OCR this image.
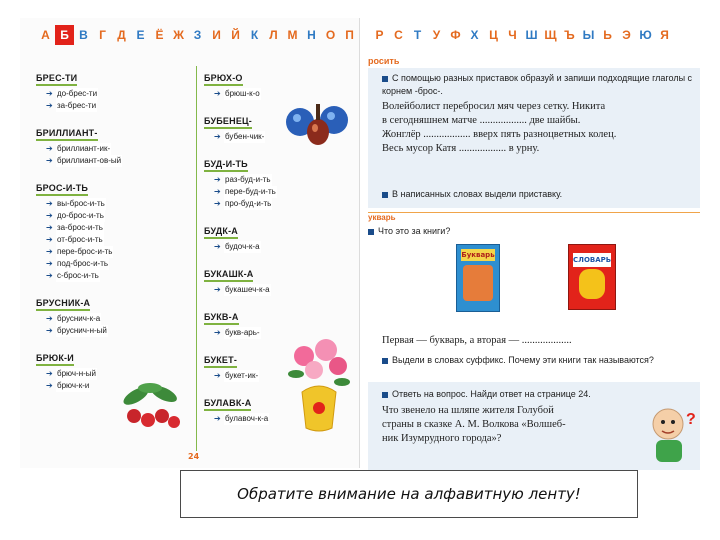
А Б В Г Д Е Ё Ж З И Й К Л М Н О П
БРЕС-ТИ
➔ до-брес-ти
➔ за-брес-ти
БРИЛЛИАНТ-
➔ бриллиант-ик-
➔ бриллиант-ов-ый
БРОС-И-ТЬ
➔ вы-брос-и-ть
➔ до-брос-и-ть
➔ за-брос-и-ть
➔ от-брос-и-ть
➔ пере-брос-и-ть
➔ под-брос-и-ть
➔ с-брос-и-ть
БРУСНИК-А
➔ бруснич-к-а
➔ бруснич-н-ый
БРЮК-И
➔ брюч-н-ый
➔ брюч-к-и
БРЮХ-О
➔ брюш-к-о
БУБЕНЕЦ-
➔ бубен-чик-
БУД-И-ТЬ
➔ раз-буд-и-ть
➔ пере-буд-и-ть
➔ про-буд-и-ть
БУДК-А
➔ будоч-к-а
БУКАШК-А
➔ букашеч-к-а
БУКВ-А
➔ букв-арь-
БУКЕТ-
➔ букет-ик-
БУЛАВК-А
➔ булавоч-к-а
24
Р С Т У Ф Х Ц Ч Ш Щ Ъ Ы Ь Э Ю Я
росить
С помощью разных приставок образуй и запиши подходящие глаголы с корнем -брос-.
Волейболист перебросил мяч через сетку. Никита
в сегодняшнем матче .................. две шайбы.
Жонглёр .................. вверх пять разноцветных колец.
Весь мусор Катя .................. в урну.
В написанных словах выдели приставку.
укварь
Что это за книги?
Букварь
СЛОВАРЬ
Первая — букварь, а вторая — ...................
Выдели в словах суффикс. Почему эти книги так называются?
Ответь на вопрос. Найди ответ на странице 24.
Что звенело на шляпе жителя Голубой
страны в сказке А. М. Волкова «Волшеб-
ник Изумрудного города»?
?
Обратите внимание на алфавитную ленту!
